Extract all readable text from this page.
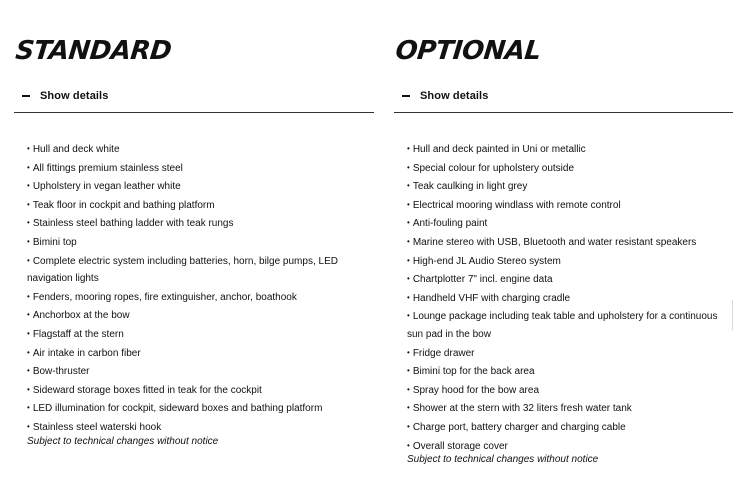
STANDARD
Show details
• Hull and deck white
• All fittings premium stainless steel
• Upholstery in vegan leather white
• Teak floor in cockpit and bathing platform
• Stainless steel bathing ladder with teak rungs
• Bimini top
• Complete electric system including batteries, horn, bilge pumps, LED navigation lights
• Fenders, mooring ropes, fire extinguisher, anchor, boathook
• Anchorbox at the bow
• Flagstaff at the stern
• Air intake in carbon fiber
• Bow-thruster
• Sideward storage boxes fitted in teak for the cockpit
• LED illumination for cockpit, sideward boxes and bathing platform
• Stainless steel waterski hook

Subject to technical changes without notice

OPTIONAL
Show details
• Hull and deck painted in Uni or metallic
• Special colour for upholstery outside
• Teak caulking in light grey
• Electrical mooring windlass with remote control
• Anti-fouling paint
• Marine stereo with USB, Bluetooth and water resistant speakers
• High-end JL Audio Stereo system
• Chartplotter 7" incl. engine data
• Handheld VHF with charging cradle
• Lounge package including teak table and upholstery for a continuous sun pad in the bow
• Fridge drawer
• Bimini top for the back area
• Spray hood for the bow area
• Shower at the stern with 32 liters fresh water tank
• Charge port, battery charger and charging cable
• Overall storage cover

Subject to technical changes without notice
